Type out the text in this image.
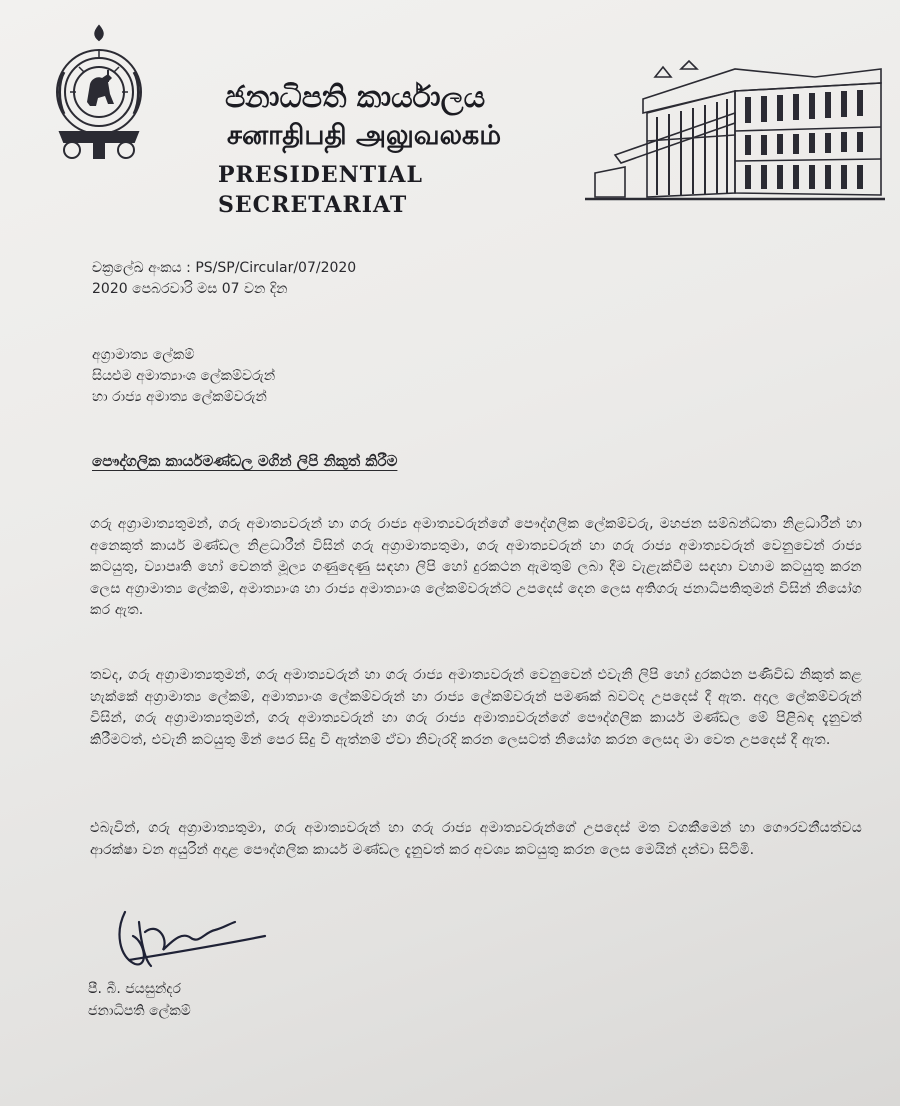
ජනාධිපති කාර්යාලය
சனாதிபதி அலுவலகம்
PRESIDENTIAL SECRETARIAT
චක්‍රලේඛ අංකය : PS/SP/Circular/07/2020
2020 පෙබරවාරි මස 07 වන දින
අග්‍රාමාත්‍ය ලේකම්
සියළුම අමාත්‍යාංශ ලේකම්වරුන්
හා රාජ්‍ය අමාත්‍ය ලේකම්වරුන්
පෞද්ගලික කාර්යමණ්ඩල මගින් ලිපි නිකුත් කිරීම
ගරු අග්‍රාමාත්‍යතුමන්, ගරු අමාත්‍යවරුන් හා ගරු රාජ්‍ය අමාත්‍යවරුන්ගේ පෞද්ගලික ලේකම්වරු, මහජන සම්බන්ධතා නිළධාරීන් හා අනෙකුත් කාර්ය මණ්ඩල නිළධාරීන් විසින් ගරු අග්‍රාමාත්‍යතුමා, ගරු අමාත්‍යවරුන් හා ගරු රාජ්‍ය අමාත්‍යවරුන් වෙනුවෙන් රාජ්‍ය කටයුතු, ව්‍යාපෘති හෝ වෙනත් මූල්‍ය ගණුදෙණු සඳහා ලිපි හෝ දුරකථන ඇමතුම් ලබා දීම වැළැක්වීම සඳහා වහාම කටයුතු කරන ලෙස අග්‍රාමාත්‍ය ලේකම්, අමාත්‍යාංශ හා රාජ්‍ය අමාත්‍යාංශ ලේකම්වරුන්ට උපදෙස් දෙන ලෙස අතිගරු ජනාධිපතිතුමන් විසින් නියෝග කර ඇත.
තවද, ගරු අග්‍රාමාත්‍යතුමන්, ගරු අමාත්‍යවරුන් හා ගරු රාජ්‍ය අමාත්‍යවරුන් වෙනුවෙන් එවැනි ලිපි හෝ දුරකථන පණිවිඩ නිකුත් කළ හැක්කේ අග්‍රාමාත්‍ය ලේකම්, අමාත්‍යාංශ ලේකම්වරුන් හා රාජ්‍ය ලේකම්වරුන් පමණක් බවටද උපදෙස් දී ඇත. අදාල ලේකම්වරුන් විසින්, ගරු අග්‍රාමාත්‍යතුමන්, ගරු අමාත්‍යවරුන් හා ගරු රාජ්‍ය අමාත්‍යවරුන්ගේ පෞද්ගලික කාර්ය මණ්ඩල මේ පිළිබඳ දැනුවත් කිරීමටත්, එවැනි කටයුතු මින් පෙර සිදු වී ඇත්නම් ඒවා නිවැරදි කරන ලෙසටත් නියෝග කරන ලෙසද මා වෙත උපදෙස් දී ඇත.
එබැවින්, ගරු අග්‍රාමාත්‍යතුමා, ගරු අමාත්‍යවරුන් හා ගරු රාජ්‍ය අමාත්‍යවරුන්ගේ උපදෙස් මත වගකීමෙන් හා ගෞරවනීයත්වය ආරක්ෂා වන අයුරින් අදාළ පෞද්ගලික කාර්ය මණ්ඩල දැනුවත් කර අවශ්‍ය කටයුතු කරන ලෙස මෙයින් දන්වා සිටිමි.
පී. බී. ජයසුන්දර
ජනාධිපති ලේකම්
